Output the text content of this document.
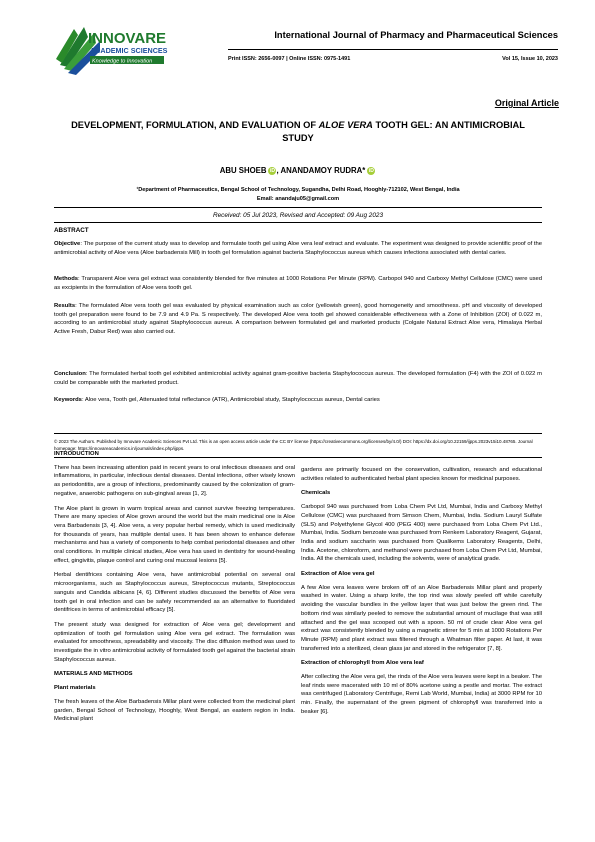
INNOVARE
ACADEMIC SCIENCES
Knowledge to Innovation
International Journal of Pharmacy and Pharmaceutical Sciences
Print ISSN: 2656-0097 | Online ISSN: 0975-1491	Vol 15, Issue 10, 2023
Original Article
DEVELOPMENT, FORMULATION, AND EVALUATION OF ALOE VERA TOOTH GEL: AN ANTIMICROBIAL STUDY
ABU SHOEB iD , ANANDAMOY RUDRA* iD
¹Department of Pharmaceutics, Bengal School of Technology, Sugandha, Delhi Road, Hooghly-712102, West Bengal, India
Email: anandaju05@gmail.com
Received: 05 Jul 2023, Revised and Accepted: 09 Aug 2023
ABSTRACT
Objective: The purpose of the current study was to develop and formulate tooth gel using Aloe vera leaf extract and evaluate. The experiment was designed to provide scientific proof of the antimicrobial activity of Aloe vera (Aloe barbadensis Mill) in tooth gel formulation against bacteria Staphylococcus aureus which causes infections associated with dental caries.
Methods: Transparent Aloe vera gel extract was consistently blended for five minutes at 1000 Rotations Per Minute (RPM). Carbopol 940 and Carboxy Methyl Cellulose (CMC) were used as excipients in the formulation of Aloe vera tooth gel.
Results: The formulated Aloe vera tooth gel was evaluated by physical examination such as color (yellowish green), good homogeneity and smoothness. pH and viscosity of developed tooth gel preparation were found to be 7.9 and 4.9 Pa. S respectively. The developed Aloe vera tooth gel showed considerable effectiveness with a Zone of Inhibition (ZOI) of 0.022 m, according to an antimicrobial study against Staphylococcus aureus. A comparison between formulated gel and marketed products (Colgate Natural Extract Aloe vera, Himalaya Herbal Active Fresh, Dabur Red) was also carried out.
Conclusion: The formulated herbal tooth gel exhibited antimicrobial activity against gram-positive bacteria Staphylococcus aureus. The developed formulation (F4) with the ZOI of 0.022 m could be comparable with the marketed product.
Keywords: Aloe vera, Tooth gel, Attenuated total reflectance (ATR), Antimicrobial study, Staphylococcus aureus, Dental caries
© 2023 The Authors. Published by Innovare Academic Sciences Pvt Ltd. This is an open access article under the CC BY license (https://creativecommons.org/licenses/by/4.0/) DOI: https://dx.doi.org/10.22159/ijpps.2023v15i10.48765. Journal homepage: https://innovareacademics.in/journals/index.php/ijpps.

INTRODUCTION

There has been increasing attention paid in recent years to oral infectious diseases and oral inflammations, in particular, infectious dental diseases. Dental infections, other wisely known as periodontitis, are a group of infections, predominantly caused by the colonization of gram-negative, anaerobic pathogens on sub-gingival areas [1, 2].

The Aloe plant is grown in warm tropical areas and cannot survive freezing temperatures. There are many species of Aloe grown around the world but the main medicinal one is Aloe vera Barbadensis [3, 4]. Aloe vera, a very popular herbal remedy, which is used medicinally for thousands of years, has multiple dental uses. It has been shown to enhance defense mechanisms and has a variety of components to help combat periodontal diseases and other oral conditions. In multiple clinical studies, Aloe vera has used in dentistry for wound-healing effect, gingivitis, plaque control and curing oral mucosal lesions [5].

Herbal dentifrices containing Aloe vera, have antimicrobial potential on several oral microorganisms, such as Staphylococcus aureus, Streptococcus mutants, Streptococcus sanguis and Candida albicans [4, 6]. Different studies discussed the benefits of Aloe vera tooth gel in oral infection and can be safely recommended as an alternative to fluoridated dentifrices in terms of antimicrobial efficacy [5].

The present study was designed for extraction of Aloe vera gel; development and optimization of tooth gel formulation using Aloe vera gel extract. The formulation was evaluated for smoothness, spreadability and viscosity. The disc diffusion method was used to investigate the in vitro antimicrobial activity of formulated tooth gel against the bacterial strain Staphylococcus aureus.

MATERIALS AND METHODS

Plant materials

The fresh leaves of the Aloe Barbadensis Millar plant were collected from the medicinal plant garden, Bengal School of Technology, Hooghly, West Bengal, an eastern region in India. Medicinal plant

gardens are primarily focused on the conservation, cultivation, research and educational activities related to authenticated herbal plant species known for medicinal purposes.

Chemicals

Carbopol 940 was purchased from Loba Chem Pvt Ltd, Mumbai, India and Carboxy Methyl Cellulose (CMC) was purchased from Simson Chem, Mumbai, India. Sodium Lauryl Sulfate (SLS) and Polyethylene Glycol 400 (PEG 400) were purchased from Loba Chem Pvt Ltd., Mumbai, India. Sodium benzoate was purchased from Renkem Laboratory Reagent, Gujarat, India and sodium saccharin was purchased from Qualikems Laboratory Reagents, Delhi, India. Acetone, chloroform, and methanol were purchased from Loba Chem Pvt Ltd, Mumbai, India. All the chemicals used, including the solvents, were of analytical grade.

Extraction of Aloe vera gel

A few Aloe vera leaves were broken off of an Aloe Barbadensis Millar plant and properly washed in water. Using a sharp knife, the top rind was slowly peeled off while carefully avoiding the vascular bundles in the yellow layer that was just below the green rind. The bottom rind was similarly peeled to remove the substantial amount of mucilage that was still attached and the gel was scooped out with a spoon. 50 ml of crude clear Aloe vera gel extract was consistently blended by using a magnetic stirrer for 5 min at 1000 Rotations Per Minute (RPM) and plant extract was filtered through a Whatman filter paper. At last, it was transferred into a sterilized, clean glass jar and stored in the refrigerator [7, 8].

Extraction of chlorophyll from Aloe vera leaf

After collecting the Aloe vera gel, the rinds of the Aloe vera leaves were kept in a beaker. The leaf rinds were macerated with 10 ml of 80% acetone using a pestle and mortar. The extract was centrifuged (Laboratory Centrifuge, Remi Lab World, Mumbai, India) at 3000 RPM for 10 min. Finally, the supernatant of the green pigment of chlorophyll was transferred into a beaker [6].
